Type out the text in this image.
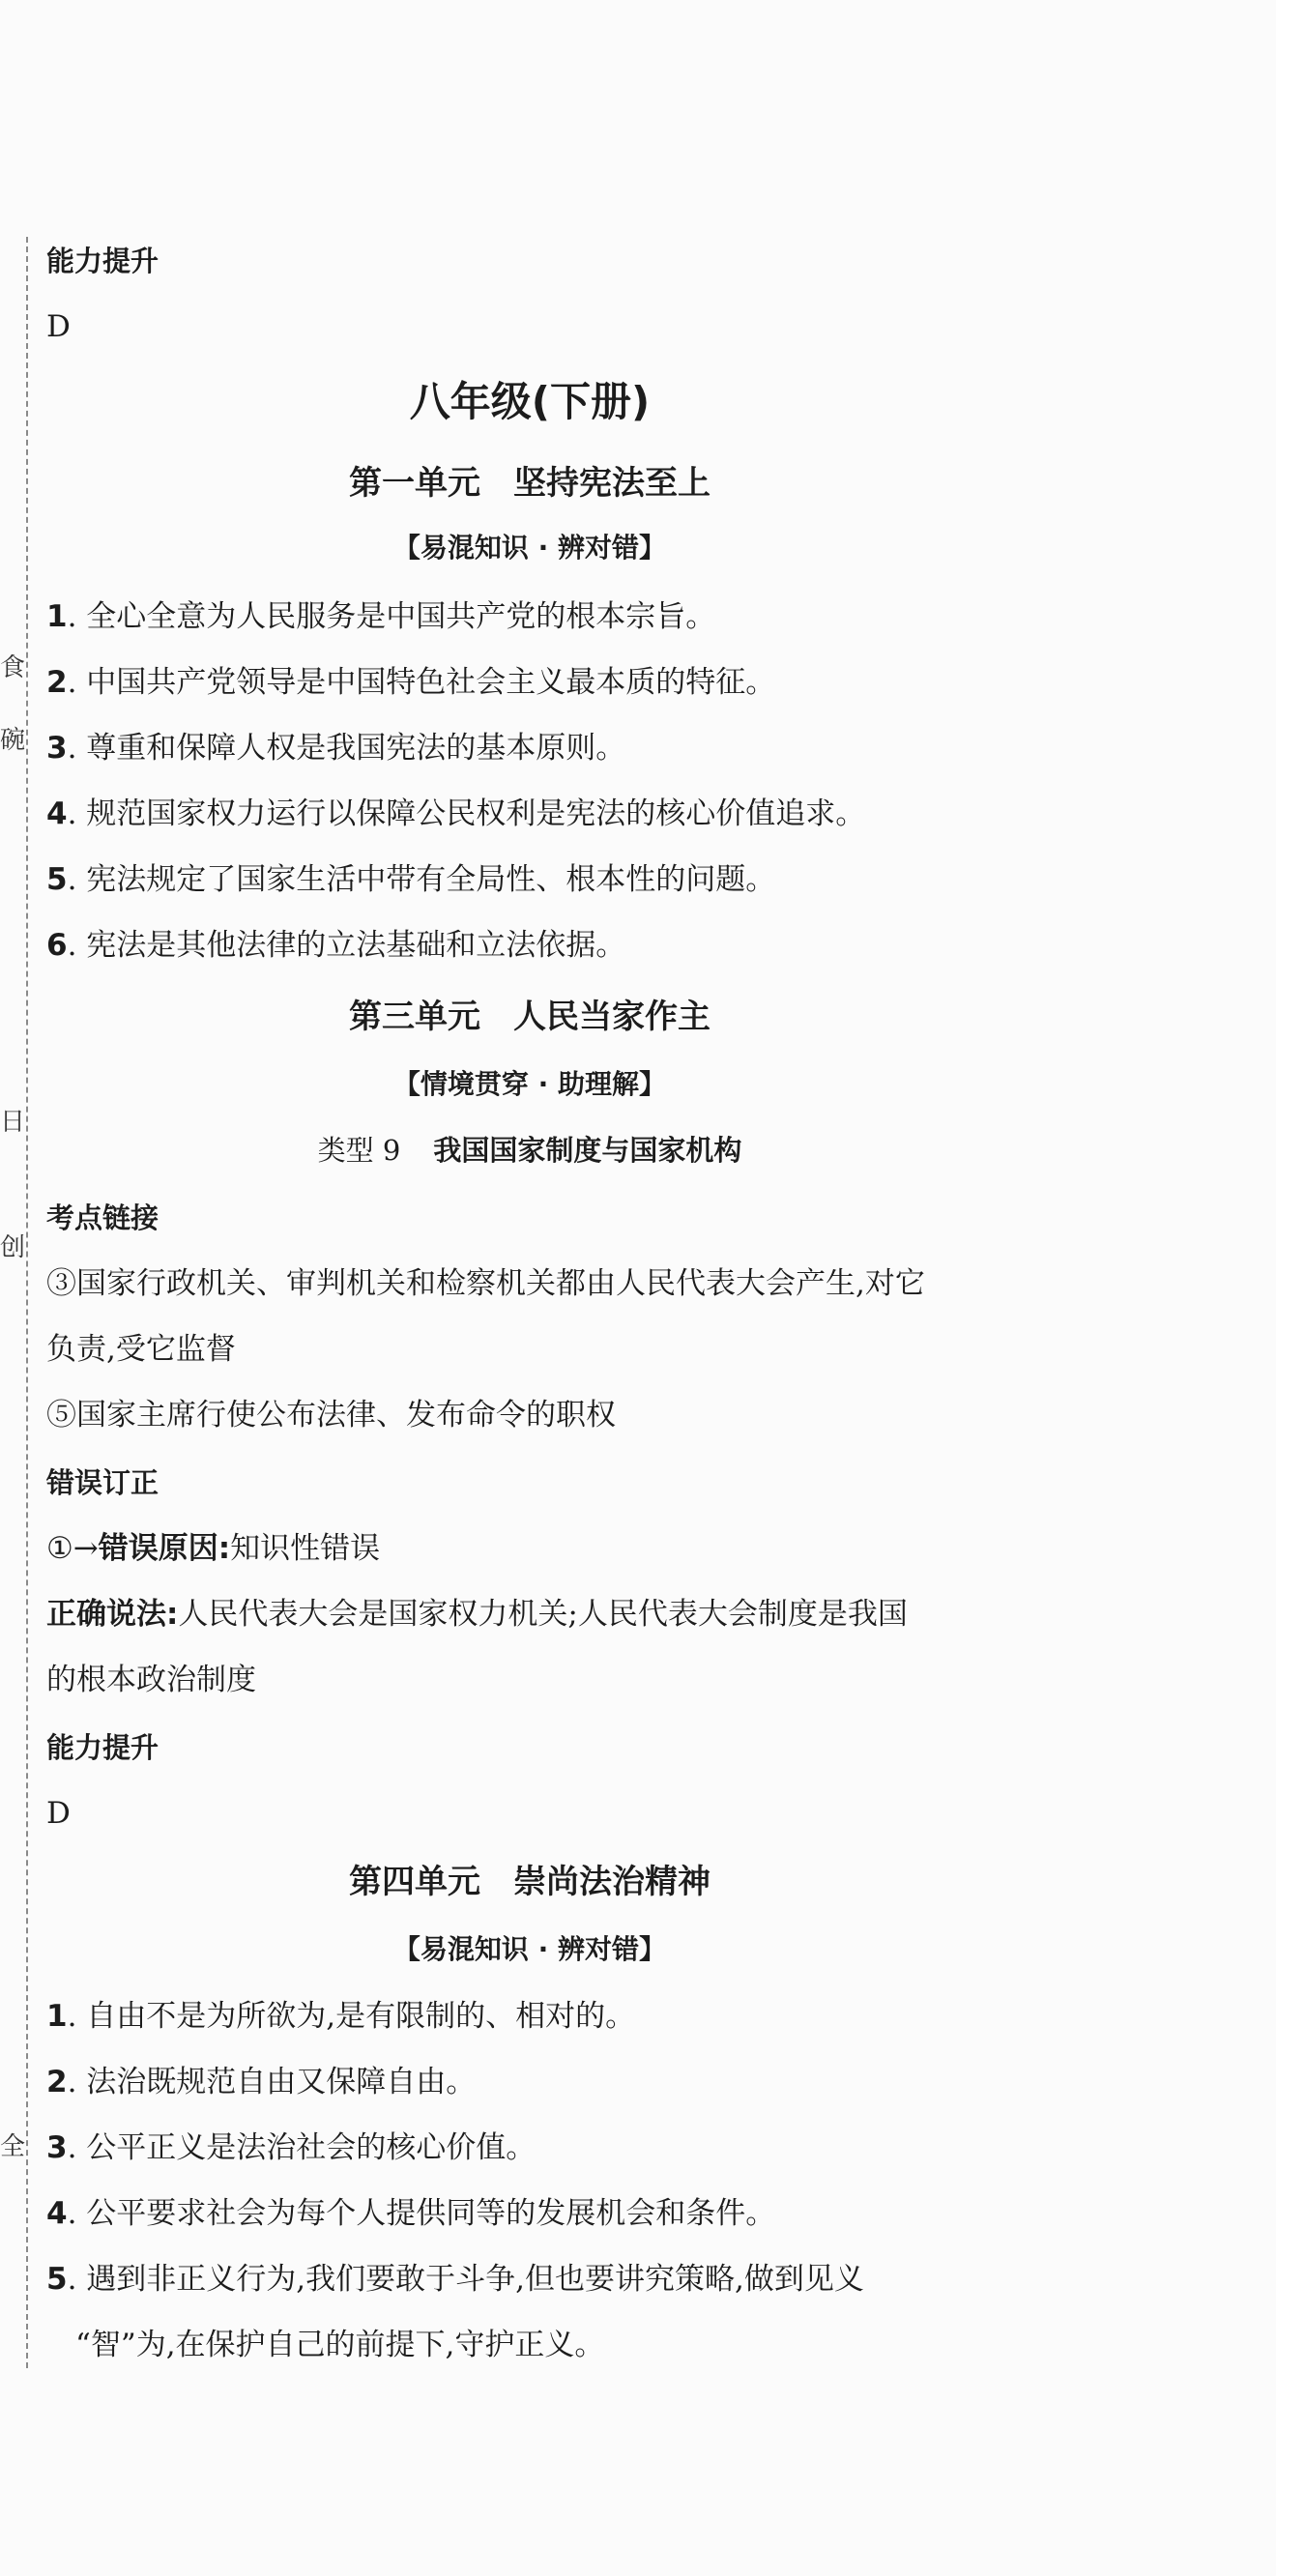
食
碗
日
创
全
能力提升
D
八年级(下册)
第一单元 坚持宪法至上
【易混知识 · 辨对错】
1. 全心全意为人民服务是中国共产党的根本宗旨。
2. 中国共产党领导是中国特色社会主义最本质的特征。
3. 尊重和保障人权是我国宪法的基本原则。
4. 规范国家权力运行以保障公民权利是宪法的核心价值追求。
5. 宪法规定了国家生活中带有全局性、根本性的问题。
6. 宪法是其他法律的立法基础和立法依据。
第三单元 人民当家作主
【情境贯穿 · 助理解】
类型 9 我国国家制度与国家机构
考点链接
③国家行政机关、审判机关和检察机关都由人民代表大会产生,对它
负责,受它监督
⑤国家主席行使公布法律、发布命令的职权
错误订正
①→错误原因:知识性错误
正确说法:人民代表大会是国家权力机关;人民代表大会制度是我国
的根本政治制度
能力提升
D
第四单元 崇尚法治精神
【易混知识 · 辨对错】
1. 自由不是为所欲为,是有限制的、相对的。
2. 法治既规范自由又保障自由。
3. 公平正义是法治社会的核心价值。
4. 公平要求社会为每个人提供同等的发展机会和条件。
5. 遇到非正义行为,我们要敢于斗争,但也要讲究策略,做到见义
“智”为,在保护自己的前提下,守护正义。
